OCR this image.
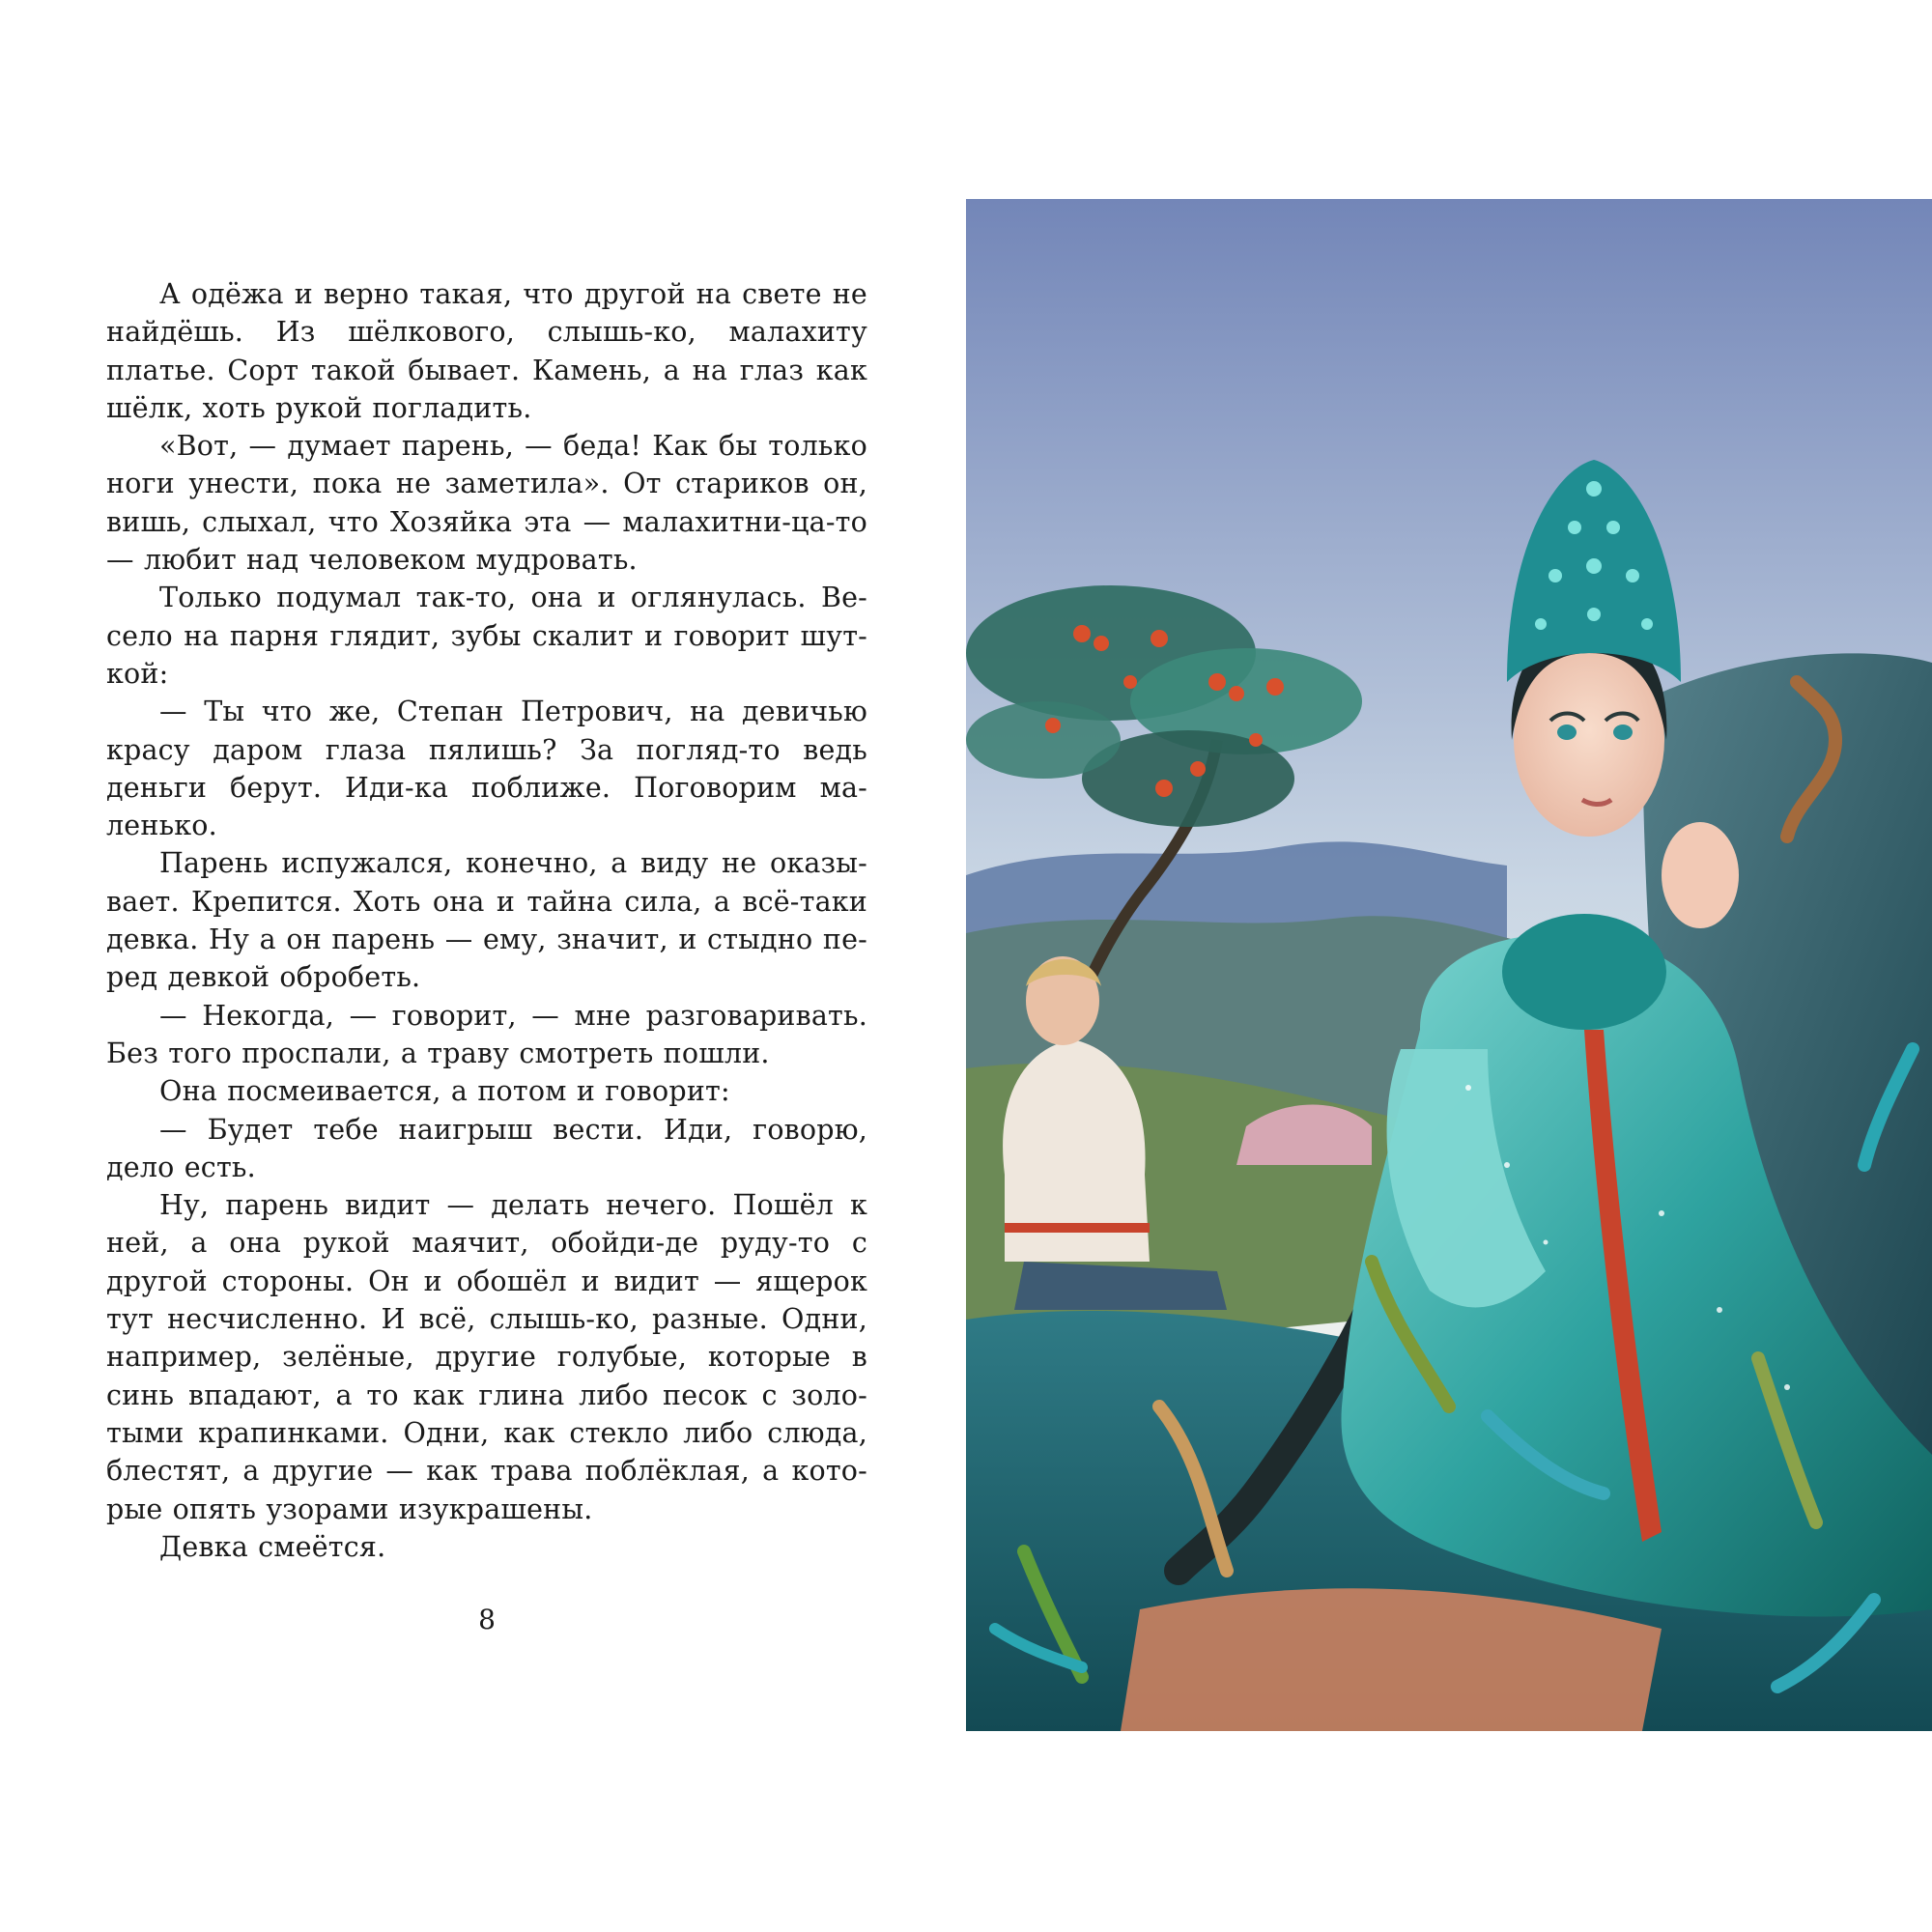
А одёжа и верно такая, что другой на свете не найдёшь. Из шёлкового, слышь-ко, малахиту платье. Сорт такой бывает. Камень, а на глаз как шёлк, хоть рукой погладить.

«Вот, — думает парень, — беда! Как бы только ноги унести, пока не заметила». От стариков он, вишь, слыхал, что Хозяйка эта — малахитни-ца-то — любит над человеком мудровать.

Только подумал так-то, она и оглянулась. Ве-село на парня глядит, зубы скалит и говорит шут-кой:

— Ты что же, Степан Петрович, на девичью красу даром глаза пялишь? За погляд-то ведь деньги берут. Иди-ка поближе. Поговорим ма-ленько.

Парень испужался, конечно, а виду не оказы-вает. Крепится. Хоть она и тайна сила, а всё-таки девка. Ну а он парень — ему, значит, и стыдно пе-ред девкой обробеть.

— Некогда, — говорит, — мне разговаривать. Без того проспали, а траву смотреть пошли.

Она посмеивается, а потом и говорит:

— Будет тебе наигрыш вести. Иди, говорю, дело есть.

Ну, парень видит — делать нечего. Пошёл к ней, а она рукой маячит, обойди-де руду-то с другой стороны. Он и обошёл и видит — ящерок тут несчисленно. И всё, слышь-ко, разные. Одни, например, зелёные, другие голубые, которые в синь впадают, а то как глина либо песок с золо-тыми крапинками. Одни, как стекло либо слюда, блестят, а другие — как трава поблёклая, а кото-рые опять узорами изукрашены.

Девка смеётся.

8
